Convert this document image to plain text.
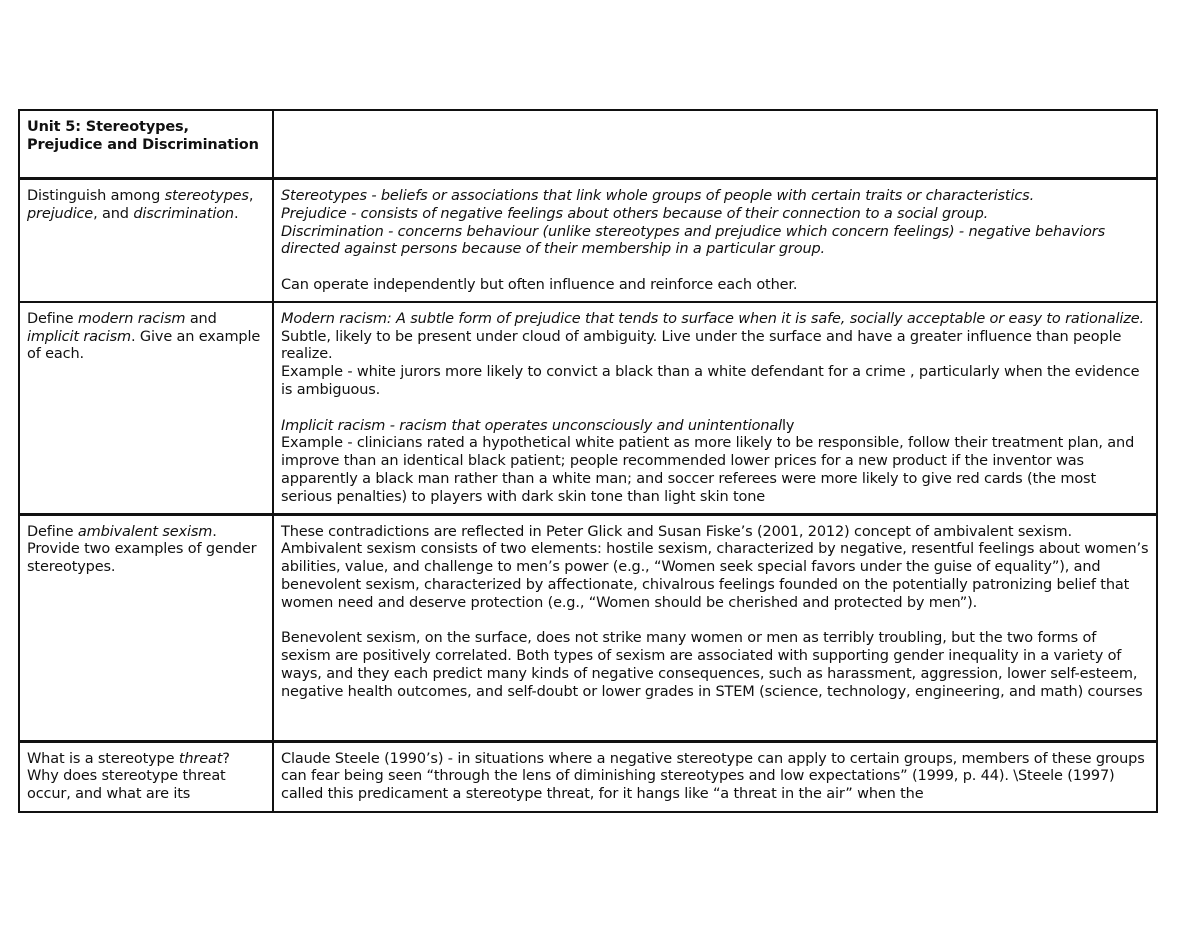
Unit 5: Stereotypes, Prejudice and Discrimination	
Distinguish among stereotypes, prejudice, and discrimination.	Stereotypes - beliefs or associations that link whole groups of people with certain traits or characteristics.
Prejudice - consists of negative feelings about others because of their connection to a social group.
Discrimination - concerns behaviour (unlike stereotypes and prejudice which concern feelings) - negative behaviors directed against persons because of their membership in a particular group.
Can operate independently but often influence and reinforce each other.

Define modern racism and implicit racism. Give an example of each.	Modern racism: A subtle form of prejudice that tends to surface when it is safe, socially acceptable or easy to rationalize. Subtle, likely to be present under cloud of ambiguity. Live under the surface and have a greater influence than people realize.
Example - white jurors more likely to convict a black than a white defendant for a crime , particularly when the evidence is ambiguous.
Implicit racism - racism that operates unconsciously and unintentionally
Example - clinicians rated a hypothetical white patient as more likely to be responsible, follow their treatment plan, and improve than an identical black patient; people recommended lower prices for a new product if the inventor was apparently a black man rather than a white man; and soccer referees were more likely to give red cards (the most serious penalties) to players with dark skin tone than light skin tone

Define ambivalent sexism. Provide two examples of gender stereotypes.	These contradictions are reflected in Peter Glick and Susan Fiske’s (2001, 2012) concept of ambivalent sexism. Ambivalent sexism consists of two elements: hostile sexism, characterized by negative, resentful feelings about women’s abilities, value, and challenge to men’s power (e.g., “Women seek special favors under the guise of equality”), and benevolent sexism, characterized by affectionate, chivalrous feelings founded on the potentially patronizing belief that women need and deserve protection (e.g., “Women should be cherished and protected by men”).
Benevolent sexism, on the surface, does not strike many women or men as terribly troubling, but the two forms of sexism are positively correlated. Both types of sexism are associated with supporting gender inequality in a variety of ways, and they each predict many kinds of negative consequences, such as harassment, aggression, lower self-esteem, negative health outcomes, and self-doubt or lower grades in STEM (science, technology, engineering, and math) courses

What is a stereotype threat? Why does stereotype threat occur, and what are its	Claude Steele (1990’s) - in situations where a negative stereotype can apply to certain groups, members of these groups can fear being seen “through the lens of diminishing stereotypes and low expectations” (1999, p. 44). \Steele (1997) called this predicament a stereotype threat, for it hangs like “a threat in the air” when the
